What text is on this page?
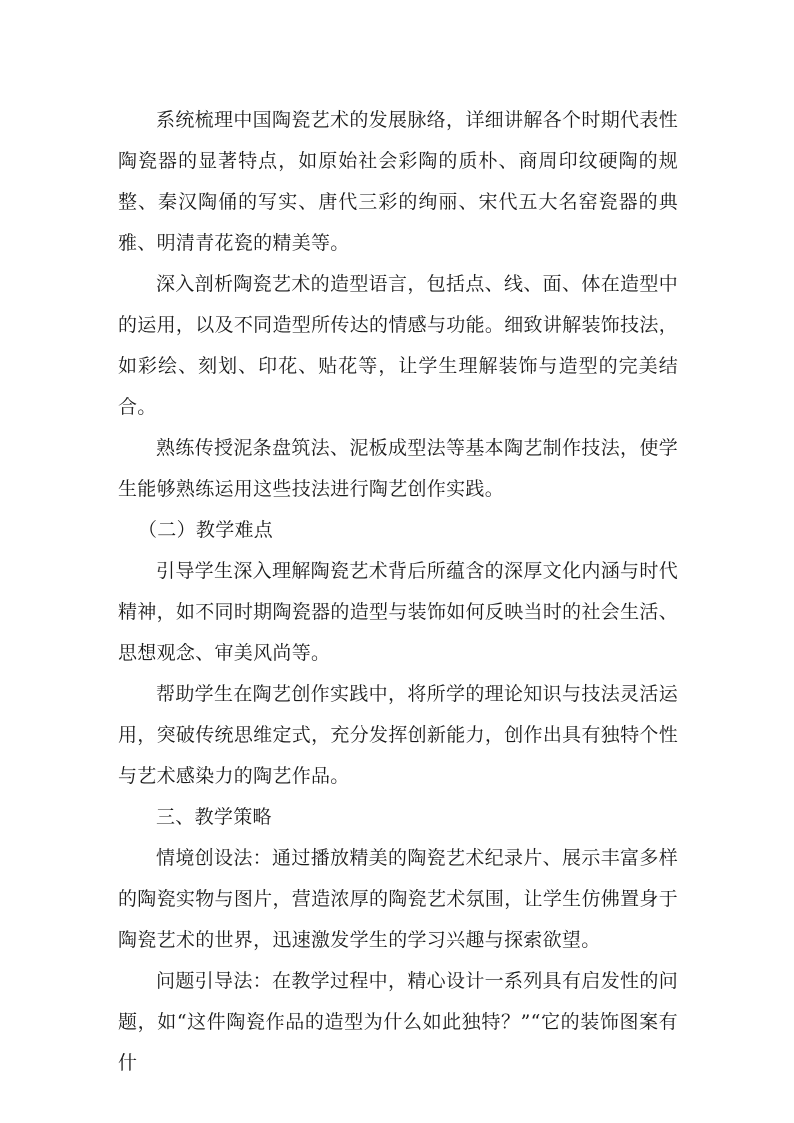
系统梳理中国陶瓷艺术的发展脉络，详细讲解各个时期代表性陶瓷器的显著特点，如原始社会彩陶的质朴、商周印纹硬陶的规整、秦汉陶俑的写实、唐代三彩的绚丽、宋代五大名窑瓷器的典雅、明清青花瓷的精美等。

深入剖析陶瓷艺术的造型语言，包括点、线、面、体在造型中的运用，以及不同造型所传达的情感与功能。细致讲解装饰技法，如彩绘、刻划、印花、贴花等，让学生理解装饰与造型的完美结合。

熟练传授泥条盘筑法、泥板成型法等基本陶艺制作技法，使学生能够熟练运用这些技法进行陶艺创作实践。

（二）教学难点

引导学生深入理解陶瓷艺术背后所蕴含的深厚文化内涵与时代精神，如不同时期陶瓷器的造型与装饰如何反映当时的社会生活、思想观念、审美风尚等。

帮助学生在陶艺创作实践中，将所学的理论知识与技法灵活运用，突破传统思维定式，充分发挥创新能力，创作出具有独特个性与艺术感染力的陶艺作品。

三、教学策略

情境创设法：通过播放精美的陶瓷艺术纪录片、展示丰富多样的陶瓷实物与图片，营造浓厚的陶瓷艺术氛围，让学生仿佛置身于陶瓷艺术的世界，迅速激发学生的学习兴趣与探索欲望。

问题引导法：在教学过程中，精心设计一系列具有启发性的问题，如“这件陶瓷作品的造型为什么如此独特？”“它的装饰图案有什
